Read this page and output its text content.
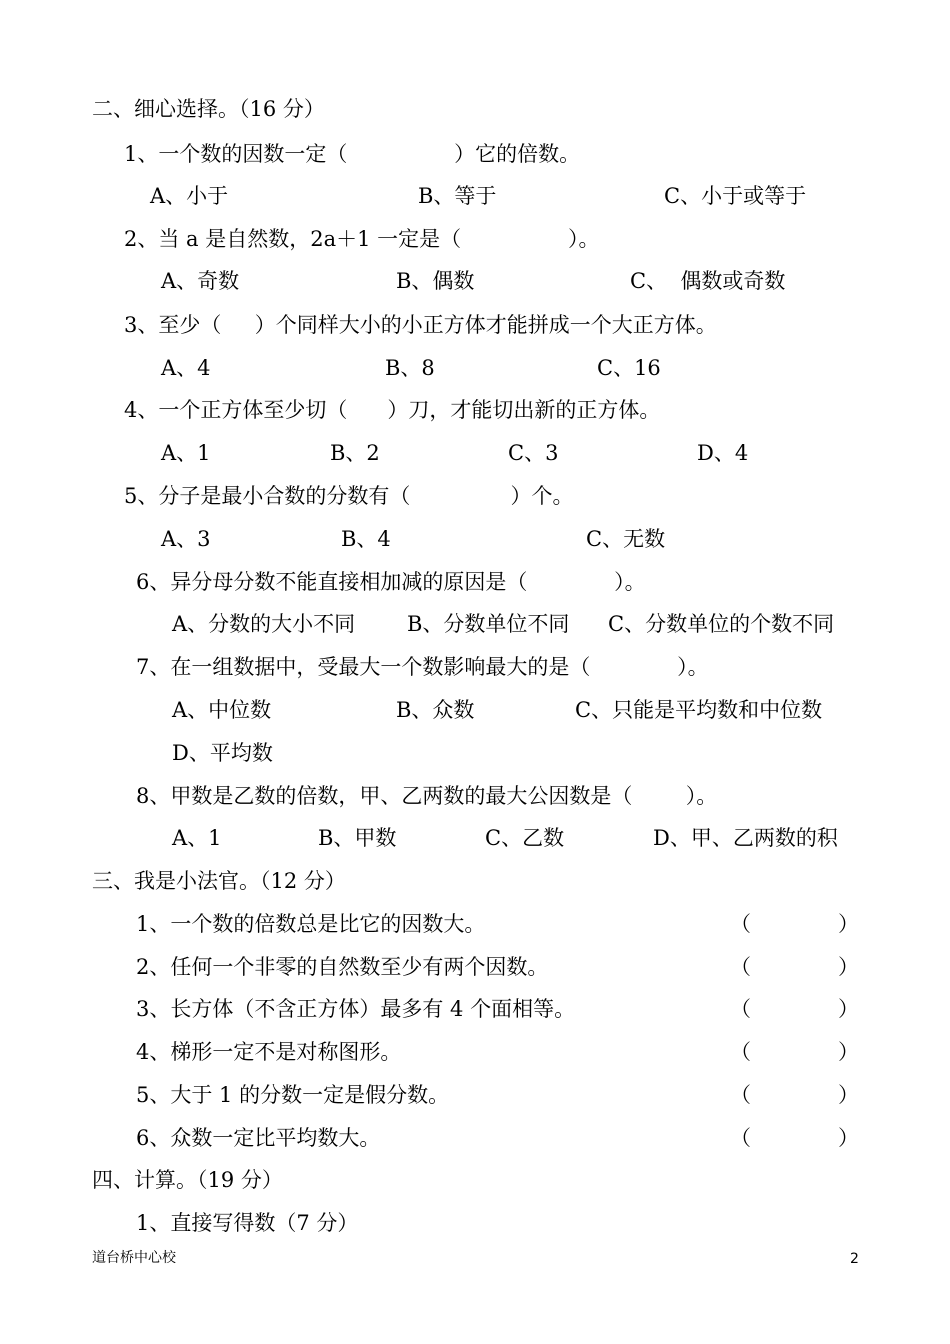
二、细心选择。（16 分）
1、一个数的因数一定（                ）它的倍数。
A、小于	B、等于	C、小于或等于
2、当 a 是自然数，2a＋1 一定是（                ）。
A、奇数	B、偶数	C、  偶数或奇数
3、至少（     ）个同样大小的小正方体才能拼成一个大正方体。
A、4	B、8	C、16
4、一个正方体至少切（      ）刀，才能切出新的正方体。
A、1	B、2	C、3	D、4
5、分子是最小合数的分数有（               ）个。
A、3	B、4	C、无数
6、异分母分数不能直接相加减的原因是（             ）。
A、分数的大小不同 B、分数单位不同 C、分数单位的个数不同
7、在一组数据中，受最大一个数影响最大的是（             ）。
A、中位数	B、众数	C、只能是平均数和中位数
D、平均数
8、甲数是乙数的倍数，甲、乙两数的最大公因数是（        ）。
A、1	B、甲数	C、乙数	D、甲、乙两数的积
三、我是小法官。（12 分）
1、一个数的倍数总是比它的因数大。	（	）
2、任何一个非零的自然数至少有两个因数。	（	）
3、长方体（不含正方体）最多有 4 个面相等。	（	）
4、梯形一定不是对称图形。	（	）
5、大于 1 的分数一定是假分数。	（	）
6、众数一定比平均数大。	（	）
四、计算。（19 分）
1、直接写得数（7 分）
道台桥中心校	2
